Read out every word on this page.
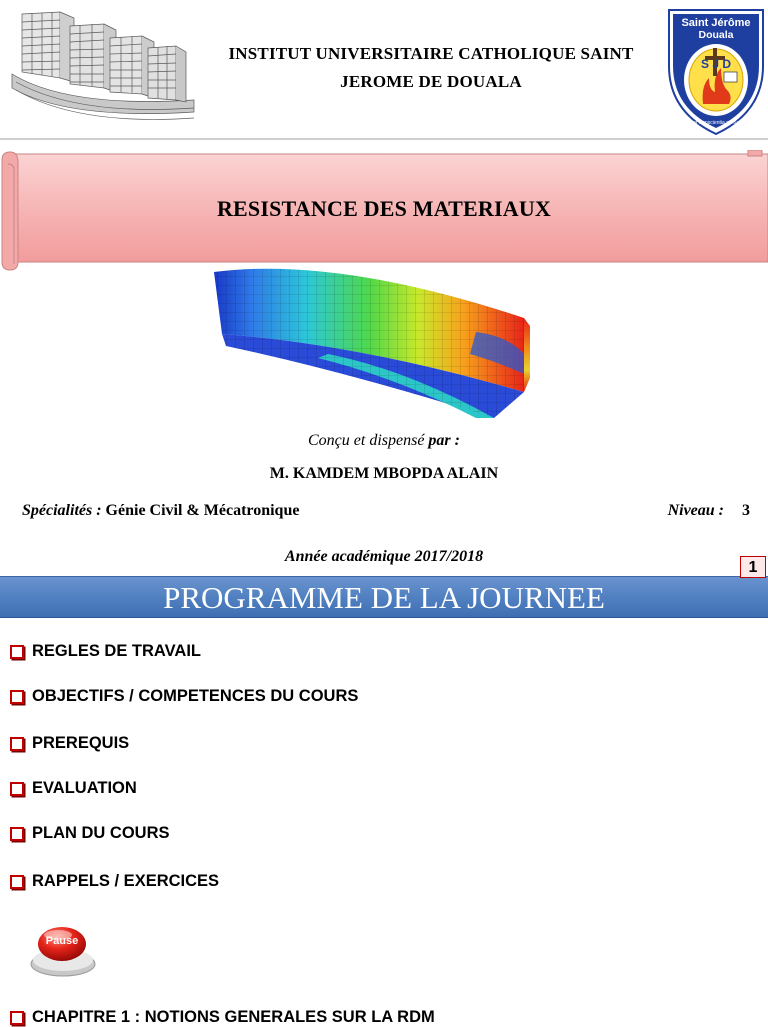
INSTITUT UNIVERSITAIRE CATHOLIQUE SAINT
JEROME DE DOUALA
Saint Jérôme
Douala
S J D
Scientia et Conscientia ad Sapientiam
RESISTANCE DES MATERIAUX
Conçu et dispensé par :
M. KAMDEM MBOPDA ALAIN
Spécialités : Génie Civil & Mécatronique	Niveau : 3
Année académique 2017/2018
1
PROGRAMME DE LA JOURNEE
REGLES DE TRAVAIL
OBJECTIFS / COMPETENCES DU COURS
PREREQUIS
EVALUATION
PLAN DU COURS
RAPPELS / EXERCICES
Pause
CHAPITRE 1 : NOTIONS GENERALES SUR LA RDM
